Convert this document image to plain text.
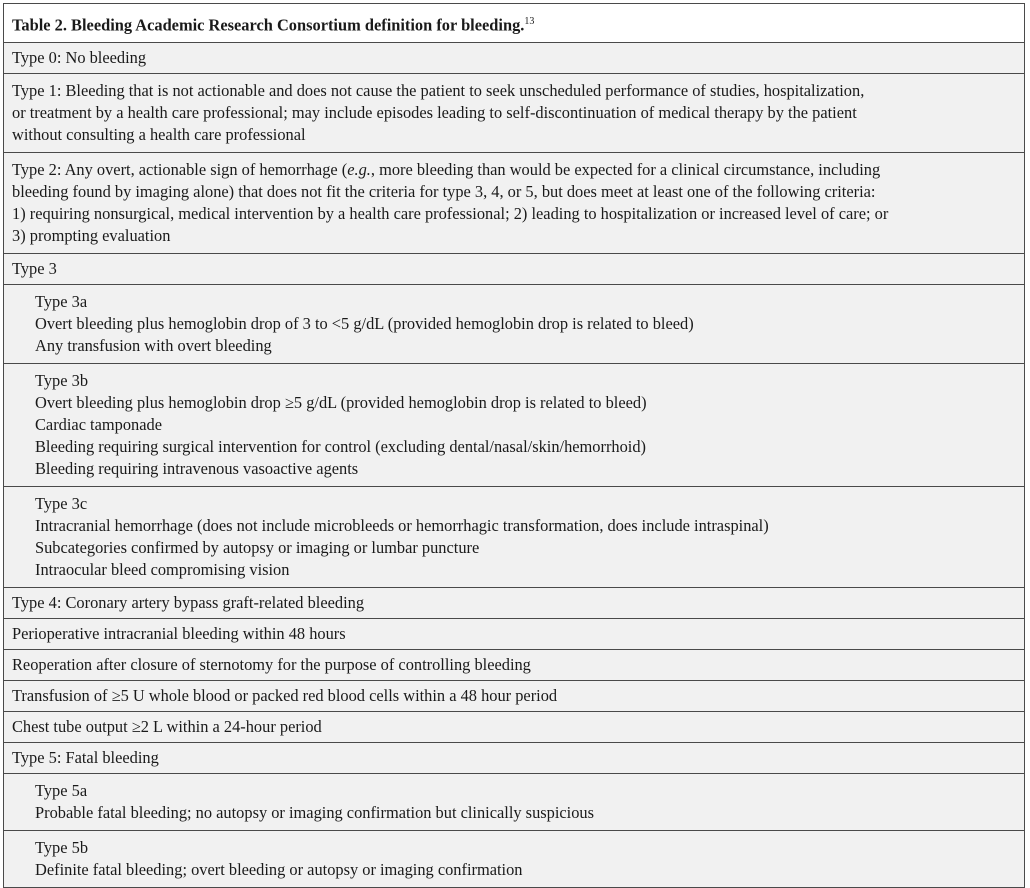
Table 2. Bleeding Academic Research Consortium definition for bleeding.$^{13}$
Type 0: No bleeding
Type 1: Bleeding that is not actionable and does not cause the patient to seek unscheduled performance of studies, hospitalization,
or treatment by a health care professional; may include episodes leading to self-discontinuation of medical therapy by the patient
without consulting a health care professional
Type 2: Any overt, actionable sign of hemorrhage (e.g., more bleeding than would be expected for a clinical circumstance, including
bleeding found by imaging alone) that does not fit the criteria for type 3, 4, or 5, but does meet at least one of the following criteria:
1) requiring nonsurgical, medical intervention by a health care professional; 2) leading to hospitalization or increased level of care; or
3) prompting evaluation
Type 3
Type 3a
Overt bleeding plus hemoglobin drop of 3 to <5 g/dL (provided hemoglobin drop is related to bleed)
Any transfusion with overt bleeding
Type 3b
Overt bleeding plus hemoglobin drop ≥5 g/dL (provided hemoglobin drop is related to bleed)
Cardiac tamponade
Bleeding requiring surgical intervention for control (excluding dental/nasal/skin/hemorrhoid)
Bleeding requiring intravenous vasoactive agents
Type 3c
Intracranial hemorrhage (does not include microbleeds or hemorrhagic transformation, does include intraspinal)
Subcategories confirmed by autopsy or imaging or lumbar puncture
Intraocular bleed compromising vision
Type 4: Coronary artery bypass graft-related bleeding
Perioperative intracranial bleeding within 48 hours
Reoperation after closure of sternotomy for the purpose of controlling bleeding
Transfusion of ≥5 U whole blood or packed red blood cells within a 48 hour period
Chest tube output ≥2 L within a 24-hour period
Type 5: Fatal bleeding
Type 5a
Probable fatal bleeding; no autopsy or imaging confirmation but clinically suspicious
Type 5b
Definite fatal bleeding; overt bleeding or autopsy or imaging confirmation
